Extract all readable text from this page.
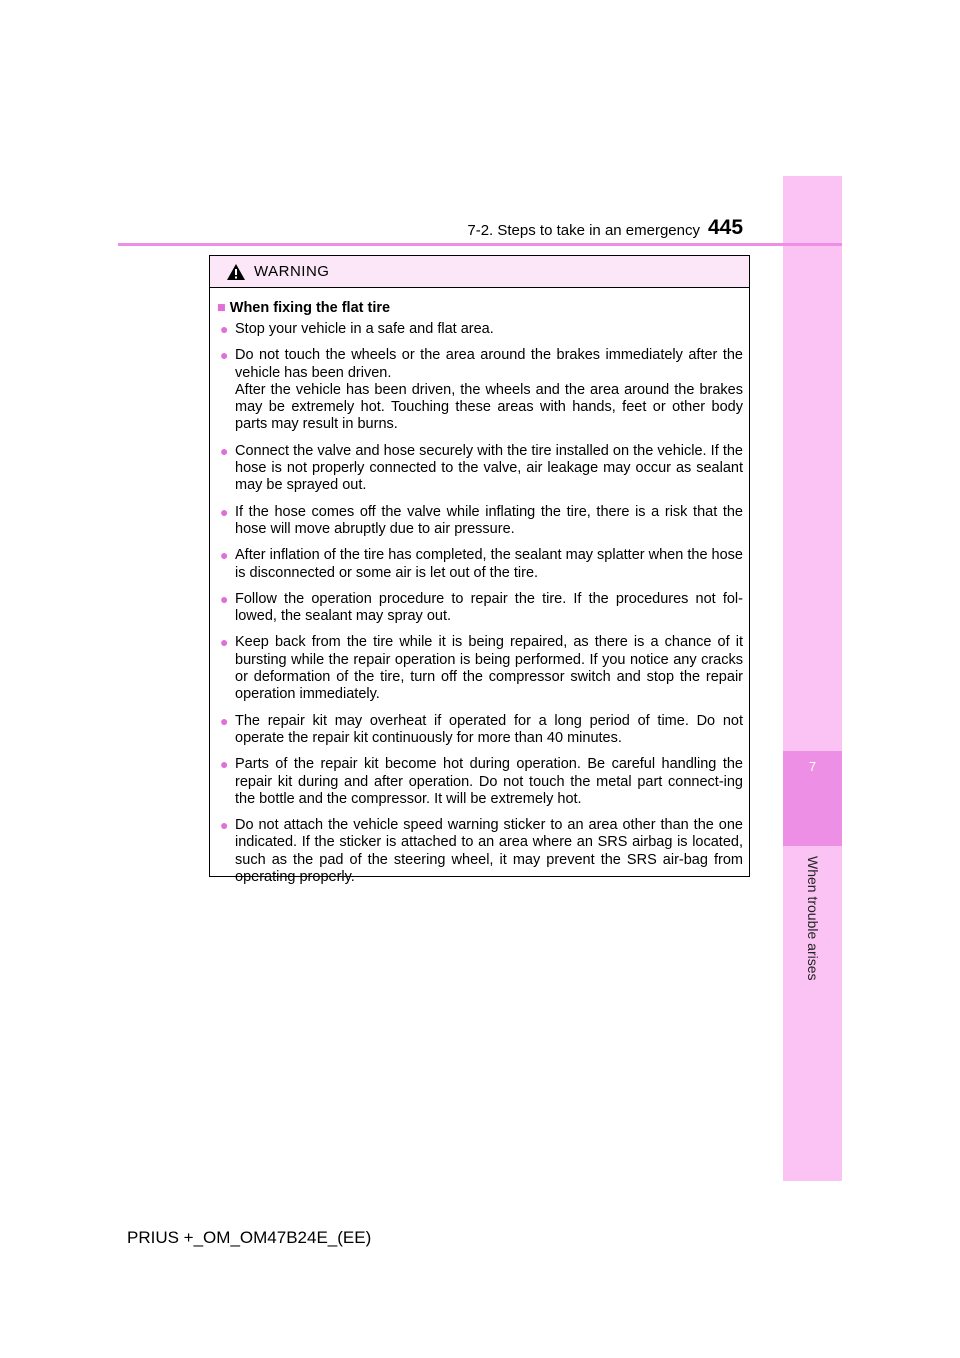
7
When trouble arises
7-2. Steps to take in an emergency 445
WARNING
■ When fixing the flat tire
● Stop your vehicle in a safe and flat area.
● Do not touch the wheels or the area around the brakes immediately after the vehicle has been driven.
After the vehicle has been driven, the wheels and the area around the brakes may be extremely hot. Touching these areas with hands, feet or other body parts may result in burns.
● Connect the valve and hose securely with the tire installed on the vehicle. If the hose is not properly connected to the valve, air leakage may occur as sealant may be sprayed out.
● If the hose comes off the valve while inflating the tire, there is a risk that the hose will move abruptly due to air pressure.
● After inflation of the tire has completed, the sealant may splatter when the hose is disconnected or some air is let out of the tire.
● Follow the operation procedure to repair the tire. If the procedures not fol-lowed, the sealant may spray out.
● Keep back from the tire while it is being repaired, as there is a chance of it bursting while the repair operation is being performed. If you notice any cracks or deformation of the tire, turn off the compressor switch and stop the repair operation immediately.
● The repair kit may overheat if operated for a long period of time. Do not operate the repair kit continuously for more than 40 minutes.
● Parts of the repair kit become hot during operation. Be careful handling the repair kit during and after operation. Do not touch the metal part connect-ing the bottle and the compressor. It will be extremely hot.
● Do not attach the vehicle speed warning sticker to an area other than the one indicated. If the sticker is attached to an area where an SRS airbag is located, such as the pad of the steering wheel, it may prevent the SRS air-bag from operating properly.
PRIUS +_OM_OM47B24E_(EE)
